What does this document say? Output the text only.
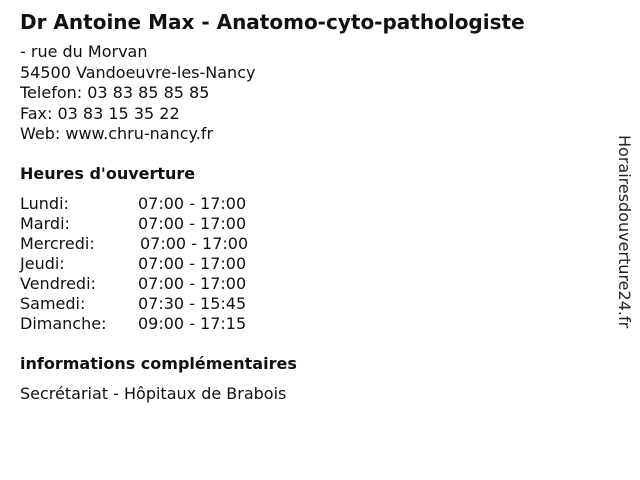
Dr Antoine Max - Anatomo-cyto-pathologiste
- rue du Morvan
54500 Vandoeuvre-les-Nancy
Telefon: 03 83 85 85 85
Fax: 03 83 15 35 22
Web: www.chru-nancy.fr
Heures d'ouverture
Lundi:	07:00 - 17:00
Mardi:	07:00 - 17:00
Mercredi:	07:00 - 17:00
Jeudi:	07:00 - 17:00
Vendredi:	07:00 - 17:00
Samedi:	07:30 - 15:45
Dimanche: 09:00 - 17:15
informations complémentaires
Secrétariat - Hôpitaux de Brabois
Horairesdouverture24.fr
